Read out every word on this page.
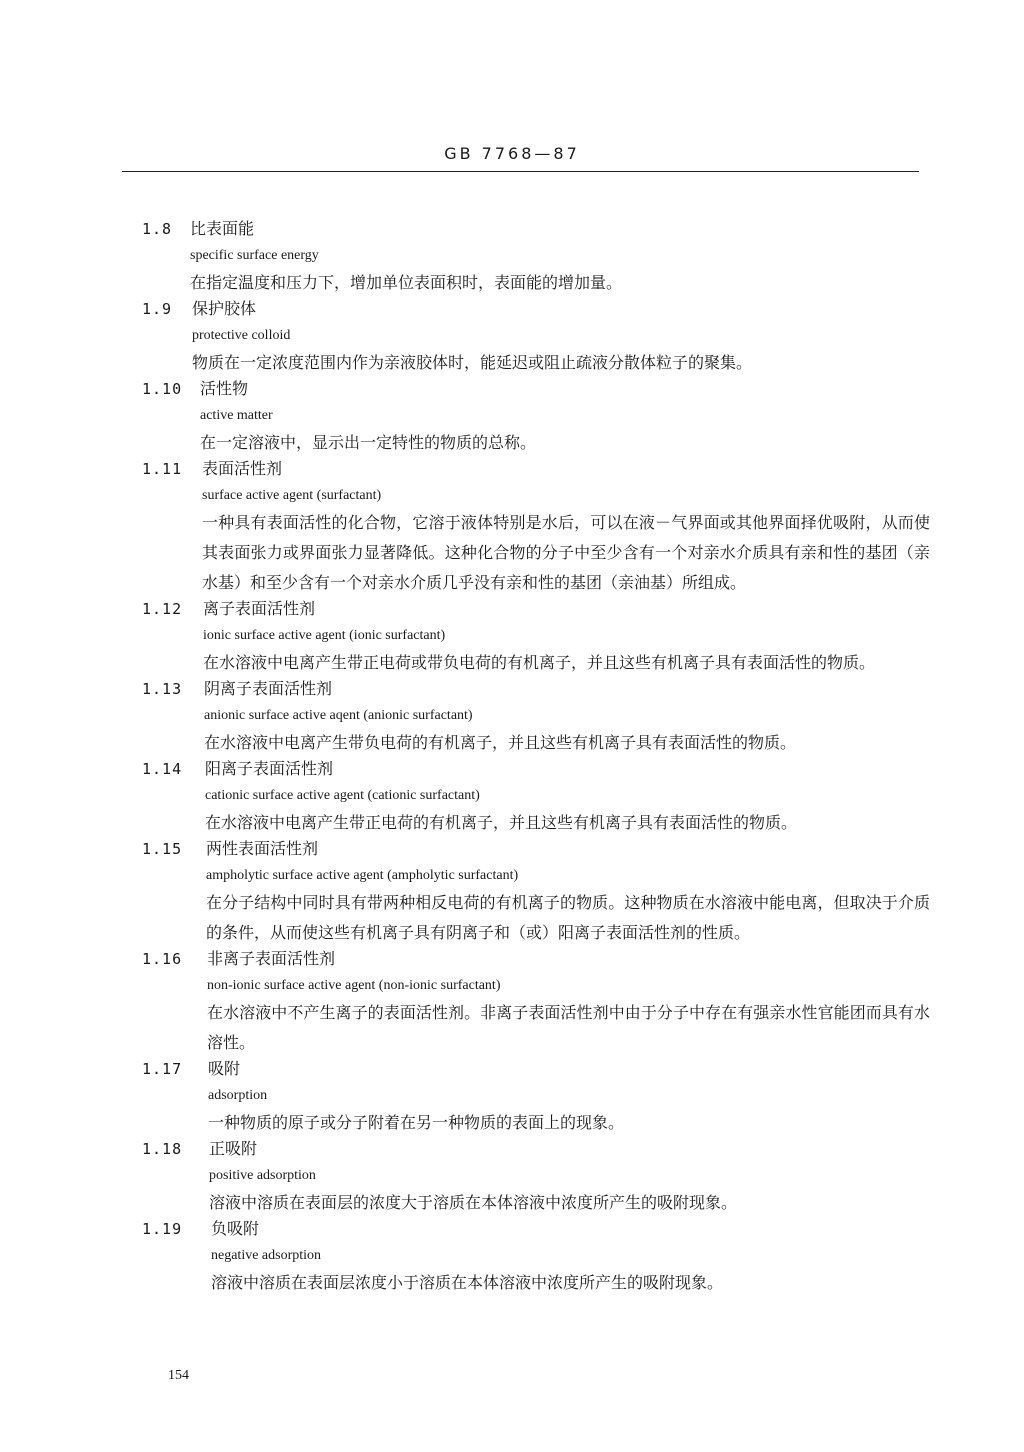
GB 7768—87
1.8 比表面能
specific surface energy
在指定温度和压力下，增加单位表面积时，表面能的增加量。
1.9 保护胶体
protective colloid
物质在一定浓度范围内作为亲液胶体时，能延迟或阻止疏液分散体粒子的聚集。
1.10 活性物
active matter
在一定溶液中，显示出一定特性的物质的总称。
1.11 表面活性剂
surface active agent (surfactant)
一种具有表面活性的化合物，它溶于液体特别是水后，可以在液－气界面或其他界面择优吸附，从而使其表面张力或界面张力显著降低。这种化合物的分子中至少含有一个对亲水介质具有亲和性的基团（亲水基）和至少含有一个对亲水介质几乎没有亲和性的基团（亲油基）所组成。
1.12 离子表面活性剂
ionic surface active agent (ionic surfactant)
在水溶液中电离产生带正电荷或带负电荷的有机离子，并且这些有机离子具有表面活性的物质。
1.13 阴离子表面活性剂
anionic surface active aqent (anionic surfactant)
在水溶液中电离产生带负电荷的有机离子，并且这些有机离子具有表面活性的物质。
1.14 阳离子表面活性剂
cationic surface active agent (cationic surfactant)
在水溶液中电离产生带正电荷的有机离子，并且这些有机离子具有表面活性的物质。
1.15 两性表面活性剂
ampholytic surface active agent (ampholytic surfactant)
在分子结构中同时具有带两种相反电荷的有机离子的物质。这种物质在水溶液中能电离，但取决于介质的条件，从而使这些有机离子具有阴离子和（或）阳离子表面活性剂的性质。
1.16 非离子表面活性剂
non-ionic surface active agent (non-ionic surfactant)
在水溶液中不产生离子的表面活性剂。非离子表面活性剂中由于分子中存在有强亲水性官能团而具有水溶性。
1.17 吸附
adsorption
一种物质的原子或分子附着在另一种物质的表面上的现象。
1.18 正吸附
positive adsorption
溶液中溶质在表面层的浓度大于溶质在本体溶液中浓度所产生的吸附现象。
1.19 负吸附
negative adsorption
溶液中溶质在表面层浓度小于溶质在本体溶液中浓度所产生的吸附现象。
154
